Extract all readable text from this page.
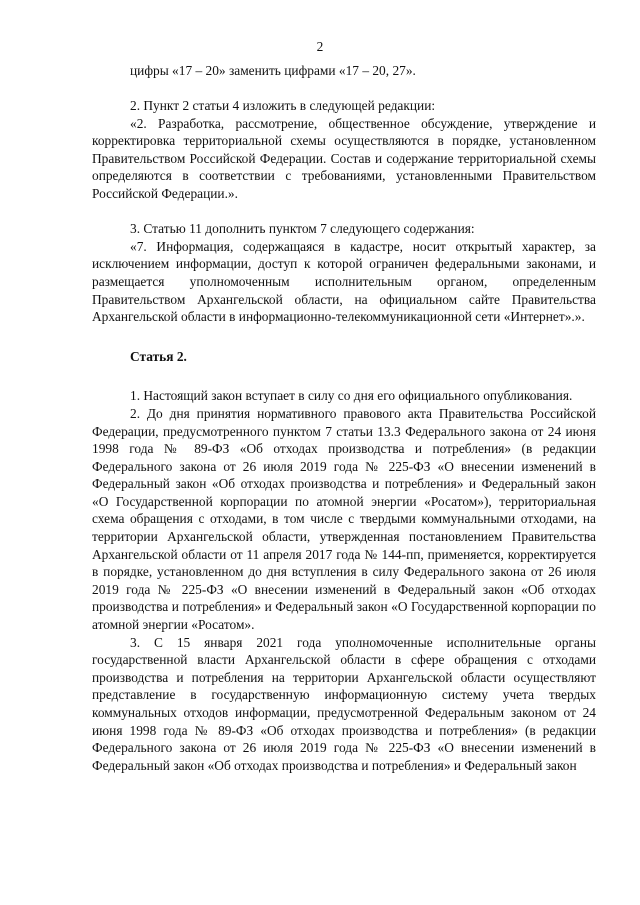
2

цифры «17 – 20» заменить цифрами «17 – 20, 27».

2. Пункт 2 статьи 4 изложить в следующей редакции:

«2. Разработка, рассмотрение, общественное обсуждение, утверждение и корректировка территориальной схемы осуществляются в порядке, установленном Правительством Российской Федерации. Состав и содержание территориальной схемы определяются в соответствии с требованиями, установленными Правительством Российской Федерации.».

3. Статью 11 дополнить пунктом 7 следующего содержания:

«7. Информация, содержащаяся в кадастре, носит открытый характер, за исключением информации, доступ к которой ограничен федеральными законами, и размещается уполномоченным исполнительным органом, определенным Правительством Архангельской области, на официальном сайте Правительства Архангельской области в информационно-телекоммуникационной сети «Интернет».».

Статья 2.

1. Настоящий закон вступает в силу со дня его официального опубликования.

2. До дня принятия нормативного правового акта Правительства Российской Федерации, предусмотренного пунктом 7 статьи 13.3 Федерального закона от 24 июня 1998 года № 89-ФЗ «Об отходах производства и потребления» (в редакции Федерального закона от 26 июля 2019 года № 225-ФЗ «О внесении изменений в Федеральный закон «Об отходах производства и потребления» и Федеральный закон «О Государственной корпорации по атомной энергии «Росатом»), территориальная схема обращения с отходами, в том числе с твердыми коммунальными отходами, на территории Архангельской области, утвержденная постановлением Правительства Архангельской области от 11 апреля 2017 года № 144-пп, применяется, корректируется в порядке, установленном до дня вступления в силу Федерального закона от 26 июля 2019 года № 225-ФЗ «О внесении изменений в Федеральный закон «Об отходах производства и потребления» и Федеральный закон «О Государственной корпорации по атомной энергии «Росатом».

3. С 15 января 2021 года уполномоченные исполнительные органы государственной власти Архангельской области в сфере обращения с отходами производства и потребления на территории Архангельской области осуществляют представление в государственную информационную систему учета твердых коммунальных отходов информации, предусмотренной Федеральным законом от 24 июня 1998 года № 89-ФЗ «Об отходах производства и потребления» (в редакции Федерального закона от 26 июля 2019 года № 225-ФЗ «О внесении изменений в Федеральный закон «Об отходах производства и потребления» и Федеральный закон
